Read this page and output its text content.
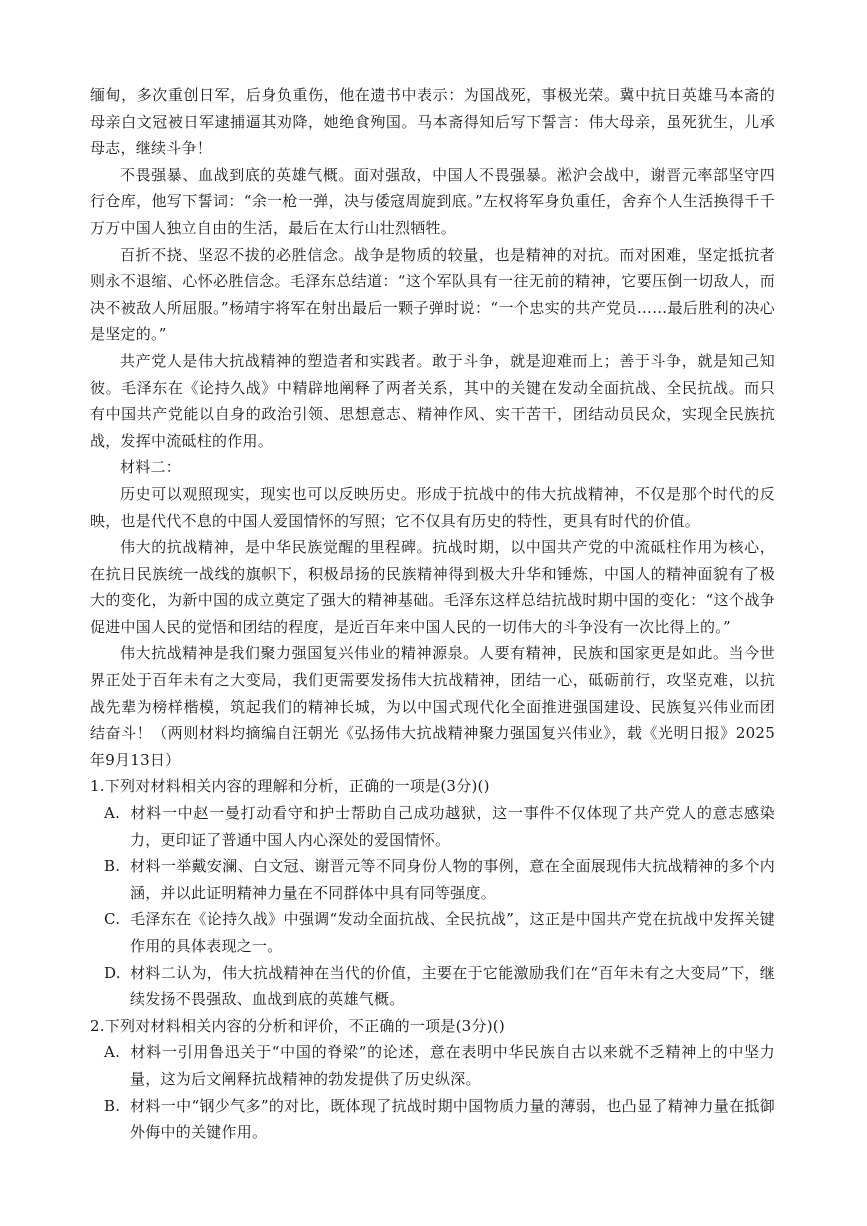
缅甸，多次重创日军，后身负重伤，他在遗书中表示：为国战死，事极光荣。冀中抗日英雄马本斋的母亲白文冠被日军逮捕逼其劝降，她绝食殉国。马本斋得知后写下誓言：伟大母亲，虽死犹生，儿承母志，继续斗争！

不畏强暴、血战到底的英雄气概。面对强敌，中国人不畏强暴。淞沪会战中，谢晋元率部坚守四行仓库，他写下誓词：“余一枪一弹，决与倭寇周旋到底。”左权将军身负重任，舍弃个人生活换得千千万万中国人独立自由的生活，最后在太行山壮烈牺牲。

百折不挠、坚忍不拔的必胜信念。战争是物质的较量，也是精神的对抗。而对困难，坚定抵抗者则永不退缩、心怀必胜信念。毛泽东总结道：“这个军队具有一往无前的精神，它要压倒一切敌人，而决不被敌人所屈服。”杨靖宇将军在射出最后一颗子弹时说：“一个忠实的共产党员……最后胜利的决心是坚定的。”

共产党人是伟大抗战精神的塑造者和实践者。敢于斗争，就是迎难而上；善于斗争，就是知己知彼。毛泽东在《论持久战》中精辟地阐释了两者关系，其中的关键在发动全面抗战、全民抗战。而只有中国共产党能以自身的政治引领、思想意志、精神作风、实干苦干，团结动员民众，实现全民族抗战，发挥中流砥柱的作用。

材料二：

历史可以观照现实，现实也可以反映历史。形成于抗战中的伟大抗战精神，不仅是那个时代的反映，也是代代不息的中国人爱国情怀的写照；它不仅具有历史的特性，更具有时代的价值。

伟大的抗战精神，是中华民族觉醒的里程碑。抗战时期，以中国共产党的中流砥柱作用为核心，在抗日民族统一战线的旗帜下，积极昂扬的民族精神得到极大升华和锤炼，中国人的精神面貌有了极大的变化，为新中国的成立奠定了强大的精神基础。毛泽东这样总结抗战时期中国的变化：“这个战争促进中国人民的觉悟和团结的程度，是近百年来中国人民的一切伟大的斗争没有一次比得上的。”

伟大抗战精神是我们聚力强国复兴伟业的精神源泉。人要有精神，民族和国家更是如此。当今世界正处于百年未有之大变局，我们更需要发扬伟大抗战精神，团结一心，砥砺前行，攻坚克难，以抗战先辈为榜样楷模，筑起我们的精神长城，为以中国式现代化全面推进强国建设、民族复兴伟业而团结奋斗！（两则材料均摘编自汪朝光《弘扬伟大抗战精神聚力强国复兴伟业》，载《光明日报》2025年9月13日）

1.下列对材料相关内容的理解和分析，正确的一项是(3分)()

A. 材料一中赵一曼打动看守和护士帮助自己成功越狱，这一事件不仅体现了共产党人的意志感染力，更印证了普通中国人内心深处的爱国情怀。

B. 材料一举戴安澜、白文冠、谢晋元等不同身份人物的事例，意在全面展现伟大抗战精神的多个内涵，并以此证明精神力量在不同群体中具有同等强度。

C. 毛泽东在《论持久战》中强调“发动全面抗战、全民抗战”，这正是中国共产党在抗战中发挥关键作用的具体表现之一。

D. 材料二认为，伟大抗战精神在当代的价值，主要在于它能激励我们在“百年未有之大变局”下，继续发扬不畏强敌、血战到底的英雄气概。

2.下列对材料相关内容的分析和评价，不正确的一项是(3分)()

A. 材料一引用鲁迅关于“中国的脊梁”的论述，意在表明中华民族自古以来就不乏精神上的中坚力量，这为后文阐释抗战精神的勃发提供了历史纵深。

B. 材料一中“钢少气多”的对比，既体现了抗战时期中国物质力量的薄弱，也凸显了精神力量在抵御外侮中的关键作用。
